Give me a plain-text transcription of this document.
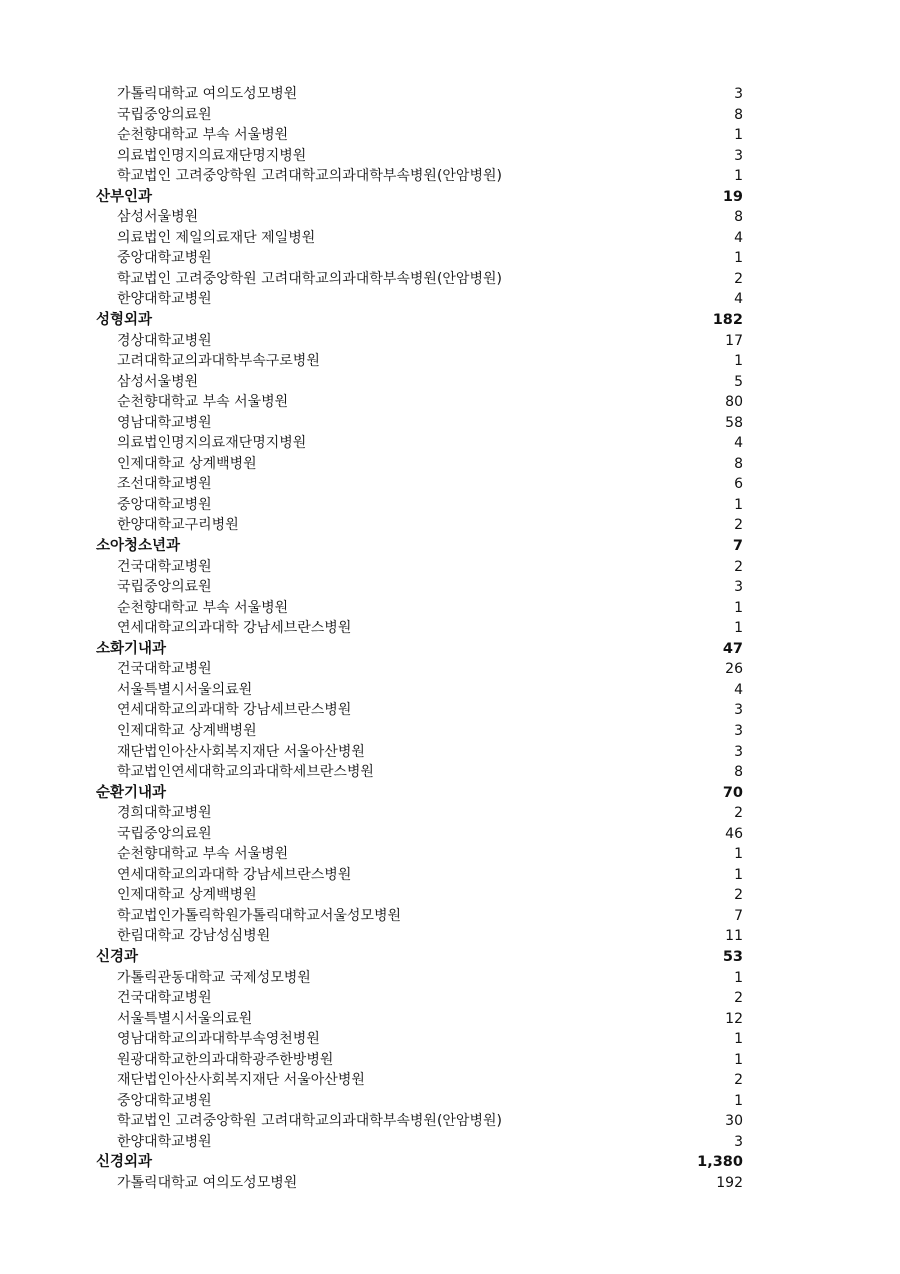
가톨릭대학교 여의도성모병원	3
국립중앙의료원	8
순천향대학교 부속 서울병원	1
의료법인명지의료재단명지병원	3
학교법인 고려중앙학원 고려대학교의과대학부속병원(안암병원)	1
산부인과	19
삼성서울병원	8
의료법인 제일의료재단 제일병원	4
중앙대학교병원	1
학교법인 고려중앙학원 고려대학교의과대학부속병원(안암병원)	2
한양대학교병원	4
성형외과	182
경상대학교병원	17
고려대학교의과대학부속구로병원	1
삼성서울병원	5
순천향대학교 부속 서울병원	80
영남대학교병원	58
의료법인명지의료재단명지병원	4
인제대학교 상계백병원	8
조선대학교병원	6
중앙대학교병원	1
한양대학교구리병원	2
소아청소년과	7
건국대학교병원	2
국립중앙의료원	3
순천향대학교 부속 서울병원	1
연세대학교의과대학 강남세브란스병원	1
소화기내과	47
건국대학교병원	26
서울특별시서울의료원	4
연세대학교의과대학 강남세브란스병원	3
인제대학교 상계백병원	3
재단법인아산사회복지재단 서울아산병원	3
학교법인연세대학교의과대학세브란스병원	8
순환기내과	70
경희대학교병원	2
국립중앙의료원	46
순천향대학교 부속 서울병원	1
연세대학교의과대학 강남세브란스병원	1
인제대학교 상계백병원	2
학교법인가톨릭학원가톨릭대학교서울성모병원	7
한림대학교 강남성심병원	11
신경과	53
가톨릭관동대학교 국제성모병원	1
건국대학교병원	2
서울특별시서울의료원	12
영남대학교의과대학부속영천병원	1
원광대학교한의과대학광주한방병원	1
재단법인아산사회복지재단 서울아산병원	2
중앙대학교병원	1
학교법인 고려중앙학원 고려대학교의과대학부속병원(안암병원)	30
한양대학교병원	3
신경외과	1,380
가톨릭대학교 여의도성모병원	192
